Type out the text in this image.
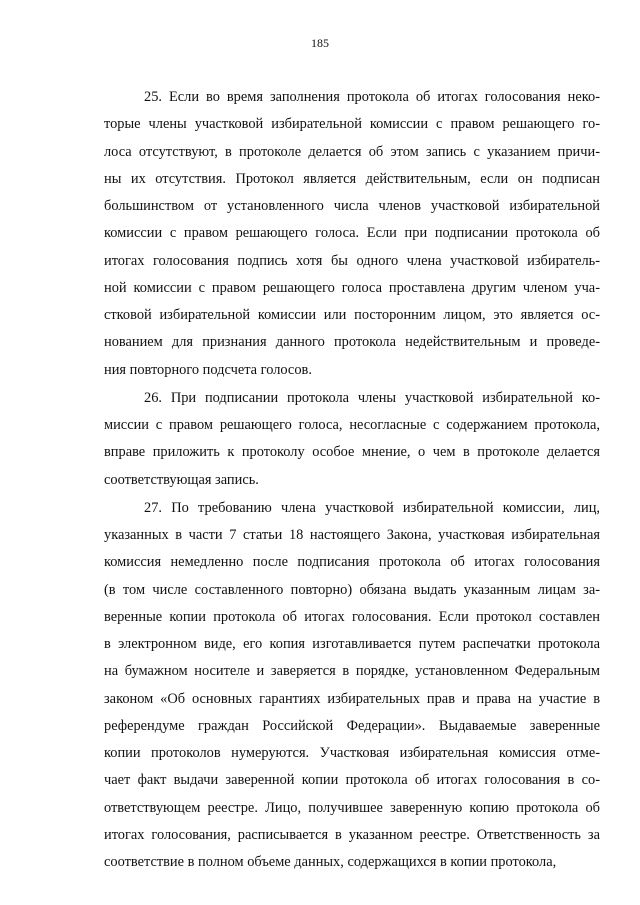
185

25. Если во время заполнения протокола об итогах голосования неко-
торые члены участковой избирательной комиссии с правом решающего го-
лоса отсутствуют, в протоколе делается об этом запись с указанием причи-
ны их отсутствия. Протокол является действительным, если он подписан
большинством от установленного числа членов участковой избирательной
комиссии с правом решающего голоса. Если при подписании протокола об
итогах голосования подпись хотя бы одного члена участковой избиратель-
ной комиссии с правом решающего голоса проставлена другим членом уча-
стковой избирательной комиссии или посторонним лицом, это является ос-
нованием для признания данного протокола недействительным и проведе-
ния повторного подсчета голосов.

26. При подписании протокола члены участковой избирательной ко-
миссии с правом решающего голоса, несогласные с содержанием протокола,
вправе приложить к протоколу особое мнение, о чем в протоколе делается
соответствующая запись.

27. По требованию члена участковой избирательной комиссии, лиц,
указанных в части 7 статьи 18 настоящего Закона, участковая избирательная
комиссия немедленно после подписания протокола об итогах голосования
(в том числе составленного повторно) обязана выдать указанным лицам за-
веренные копии протокола об итогах голосования. Если протокол составлен
в электронном виде, его копия изготавливается путем распечатки протокола
на бумажном носителе и заверяется в порядке, установленном Федеральным
законом «Об основных гарантиях избирательных прав и права на участие в
референдуме граждан Российской Федерации». Выдаваемые заверенные
копии протоколов нумеруются. Участковая избирательная комиссия отме-
чает факт выдачи заверенной копии протокола об итогах голосования в со-
ответствующем реестре. Лицо, получившее заверенную копию протокола об
итогах голосования, расписывается в указанном реестре. Ответственность за
соответствие в полном объеме данных, содержащихся в копии протокола,
